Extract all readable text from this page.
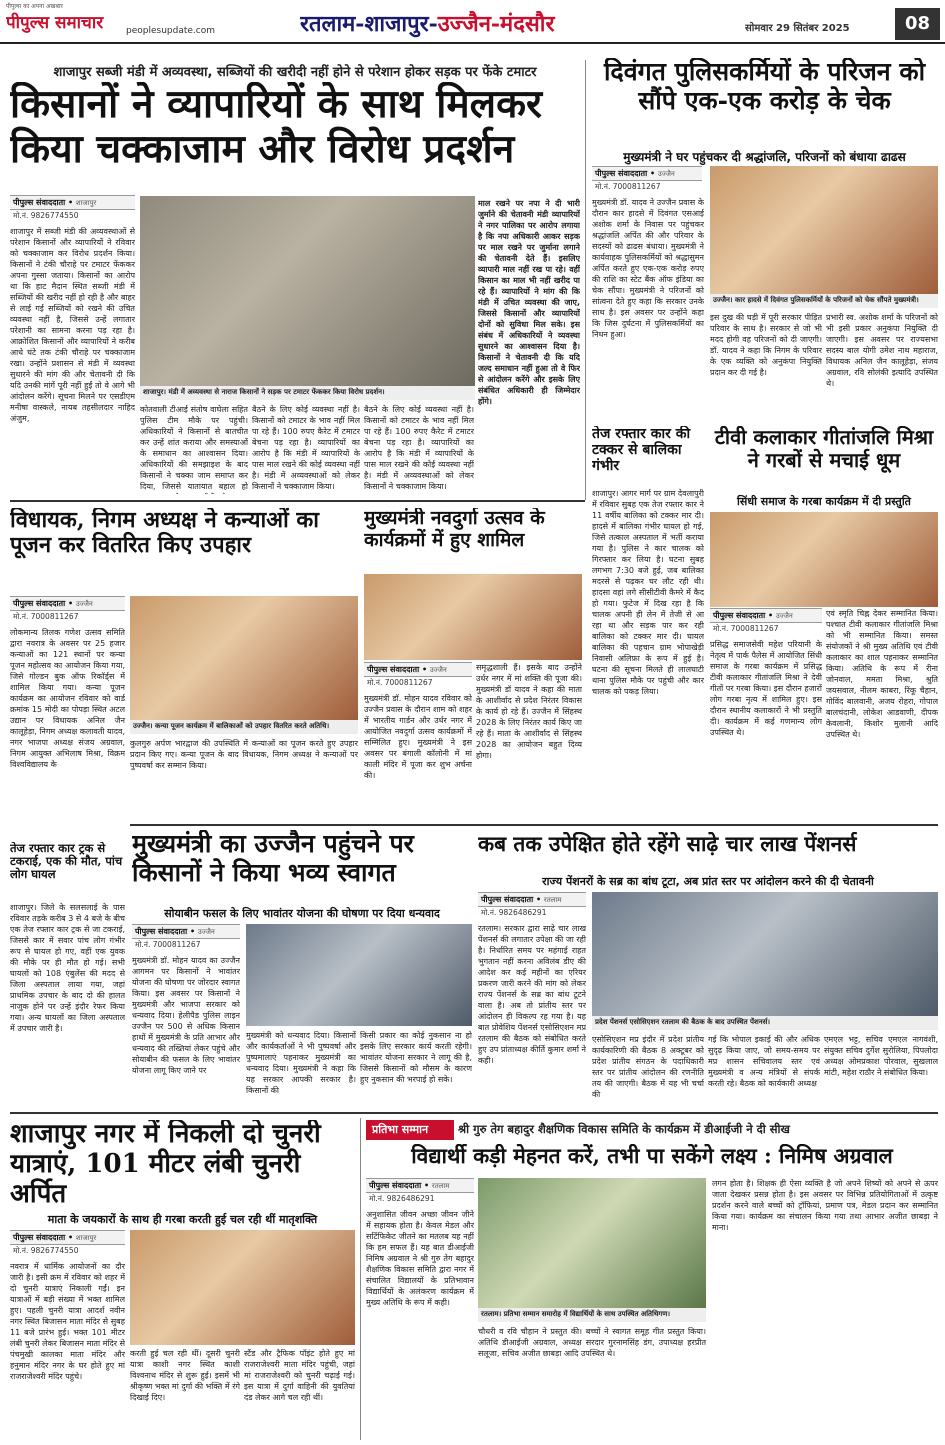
पीपुल्स का अपना अखबार
पीपुल्स समाचार	peoplesupdate.com	रतलाम-शाजापुर-उज्जैन-मंदसौर	सोमवार 29 सितंबर 2025	08
शाजापुर सब्जी मंडी में अव्यवस्था, सब्जियों की खरीदी नहीं होने से परेशान होकर सड़क पर फेंके टमाटर
किसानों ने व्यापारियों के साथ मिलकर किया चक्काजाम और विरोध प्रदर्शन
पीपुल्स संवाददाता • शाजापुर
मो.नं. 9826774550
शाजापुर में सब्जी मंडी की अव्यवस्थाओं से परेशान किसानों और व्यापारियों ने रविवार को चक्काजाम कर विरोध प्रदर्शन किया। किसानों ने टंकी चौराहे पर टमाटर फेंककर अपना गुस्सा जताया। किसानों का आरोप था कि हाट मैदान स्थित सब्जी मंडी में सब्जियों की खरीद नहीं हो रही है और बाहर से लाई गई सब्जियों को रखने की उचित व्यवस्था नहीं है, जिससे उन्हें लगातार परेशानी का सामना करना पड़ रहा है। आक्रोशित किसानों और व्यापारियों ने करीब आधे घंटे तक टंकी चौराहे पर चक्काजाम रखा। उन्होंने प्रशासन से मंडी में व्यवस्था सुधारने की मांग की और चेतावनी दी कि यदि उनकी मांगें पूरी नहीं हुईं तो वे आगे भी आंदोलन करेंगे। सूचना मिलने पर एसडीएम मनीषा वास्कले, नायब तहसीलदार नाहिद अंजुम,
शाजापुर। मंडी में अव्यवस्था से नाराज किसानों ने सड़क पर टमाटर फेंककर किया विरोध प्रदर्शन।
कोतवाली टीआई संतोष वाघेला सहित पुलिस टीम मौके पर पहुंची। अधिकारियों ने किसानों से बातचीत कर उन्हें शांत कराया और समस्याओं के समाधान का आश्वासन दिया। अधिकारियों की समझाइश के बाद किसानों ने चक्का जाम समाप्त कर दिया, जिससे यातायात बहाल हो
बैठने के लिए कोई व्यवस्था नहीं है। किसानों को टमाटर के भाव नहीं मिल पा रहे हैं। 100 रुपए कैरेट में टमाटर बेचना पड़ रहा है। व्यापारियों का आरोप है कि मंडी में व्यापारियों के पास माल रखने की कोई व्यवस्था नहीं है। मंडी में अव्यवस्थाओं को लेकर किसानों ने चक्काजाम किया।
बैठने के लिए कोई व्यवस्था नहीं है। किसानों को टमाटर के भाव नहीं मिल पा रहे हैं। 100 रुपए कैरेट में टमाटर बेचना पड़ रहा है। व्यापारियों का आरोप है कि मंडी में व्यापारियों के पास माल रखने की कोई व्यवस्था नहीं है। मंडी में अव्यवस्थाओं को लेकर किसानों ने चक्काजाम किया।
माल रखने पर नपा ने दी भारी जुर्माने की चेतावनी मंडी व्यापारियों ने नगर पालिका पर आरोप लगाया है कि नपा अधिकारी आकर सड़क पर माल रखने पर जुर्माना लगाने की चेतावनी देते हैं। इसलिए व्यापारी माल नहीं रख पा रहे। वहीं किसान का माल भी नहीं खरीद पा रहे हैं। व्यापारियों ने मांग की कि मंडी में उचित व्यवस्था की जाए, जिससे किसानों और व्यापारियों दोनों को सुविधा मिल सके। इस संबंध में अधिकारियों ने व्यवस्था सुधारने का आश्वासन दिया है। किसानों ने चेतावनी दी कि यदि जल्द समाधान नहीं हुआ तो वे फिर से आंदोलन करेंगे और इसके लिए संबंधित अधिकारी ही जिम्मेदार होंगे।
दिवंगत पुलिसकर्मियों के परिजन को सौंपे एक-एक करोड़ के चेक
मुख्यमंत्री ने घर पहुंचकर दी श्रद्धांजलि, परिजनों को बंधाया ढाढस
पीपुल्स संवाददाता • उज्जैन
मो.नं. 7000811267
मुख्यमंत्री डॉ. यादव ने उज्जैन प्रवास के दौरान कार हादसे में दिवंगत एसआई अशोक शर्मा के निवास पर पहुंचकर श्रद्धांजलि अर्पित की और परिवार के सदस्यों को ढाढस बंधाया। मुख्यमंत्री ने कार्यवाहक पुलिसकर्मियों को श्रद्धासुमन अर्पित करते हुए एक-एक करोड़ रुपए की राशि का स्टेट बैंक ऑफ इंडिया का चेक सौंपा। मुख्यमंत्री ने परिजनों को सांत्वना देते हुए कहा कि सरकार उनके साथ है। इस अवसर पर उन्होंने कहा कि जिस दुर्घटना में पुलिसकर्मियों का निधन हुआ।
उज्जैन। कार हादसे में दिवंगत पुलिसकर्मियों के परिजनों को चेक सौंपते मुख्यमंत्री।
इस दुख की घड़ी में पूरी सरकार पीड़ित परिवार के साथ है। सरकार से जो भी मदद होगी वह परिजनों को दी जाएगी। डॉ. यादव ने कहा कि निगम के परिवार के एक व्यक्ति को अनुकंपा नियुक्ति प्रदान कर दी गई है।
प्रभारी स्व. अशोक शर्मा के परिजनों को भी इसी प्रकार अनुकंपा नियुक्ति दी जाएगी। इस अवसर पर राज्यसभा सदस्य बाल योगी उमेश नाथ महाराज, विधायक अनिल जैन कालूहेड़ा, संजय अग्रवाल, रवि सोलंकी इत्यादि उपस्थित थे।
तेज रफ्तार कार की टक्कर से बालिका गंभीर
शाजापुर। आगर मार्ग पर ग्राम देवलापुरी में रविवार सुबह एक तेज रफ्तार कार ने 11 वर्षीय बालिका को टक्कर मार दी। हादसे में बालिका गंभीर घायल हो गई, जिसे तत्काल अस्पताल में भर्ती कराया गया है। पुलिस ने कार चालक को गिरफ्तार कर लिया है। घटना सुबह लगभग 7:30 बजे हुई, जब बालिका मदरसे से पढ़कर घर लौट रही थी। हादसा वहां लगे सीसीटीवी कैमरे में कैद हो गया। फुटेज में दिख रहा है कि चालक अपनी ही लेन में तेजी से आ रहा था और सड़क पार कर रही बालिका को टक्कर मार दी। घायल बालिका की पहचान ग्राम भोपाखेड़ी निवासी अलिफ़ा के रूप में हुई है। घटना की सूचना मिलते ही लालघाटी थाना पुलिस मौके पर पहुंची और कार चालक को पकड़ लिया।
टीवी कलाकार गीतांजलि मिश्रा ने गरबों से मचाई धूम
सिंधी समाज के गरबा कार्यक्रम में दी प्रस्तुति
पीपुल्स संवाददाता • उज्जैन
मो.नं. 7000811267
प्रसिद्ध समाजसेवी महेश परियानी के नेतृत्व में पार्क पैलेस में आयोजित सिंधी समाज के गरबा कार्यक्रम में प्रसिद्ध टीवी कलाकार गीतांजलि मिश्रा ने देवी गीतों पर गरबा किया। इस दौरान हजारों लोग गरबा नृत्य में शामिल हुए। इस दौरान स्थानीय कलाकारों ने भी प्रस्तुति दी। कार्यक्रम में कई गणमान्य लोग उपस्थित थे।
एवं स्मृति चिह्न देकर सम्मानित किया। पश्चात टीवी कलाकार गीतांजलि मिश्रा को भी सम्मानित किया। समस्त संयोजकों ने श्री मुख्य अतिथि एवं टीवी कलाकार का शाल पहनाकर सम्मानित किया। अतिथि के रूप में रीना जोनवाल, ममता मिश्रा, श्रुति जयसवाल, नीलम काबरा, रिंकू चैहान, गोविंद बालवानी, अजय रोहरा, गोपाल बालचंदानी, लोकेश आडवाणी, दीपक केवलानी, किशोर मुलानी आदि उपस्थित थे।
विधायक, निगम अध्यक्ष ने कन्याओं का पूजन कर वितरित किए उपहार
पीपुल्स संवाददाता • उज्जैन
मो.नं. 7000811267
लोकमान्य तिलक गणेश उत्सव समिति द्वारा नवरात्र के अवसर पर 25 हजार कन्याओं का 121 स्थानों पर कन्या पूजन महोत्सव का आयोजन किया गया, जिसे गोल्डन बुक ऑफ रिकॉर्ड्स में शामिल किया गया। कन्या पूजन कार्यक्रम का आयोजन रविवार को वार्ड क्रमांक 15 मोदी का पोपड़ा स्थित अटल उद्यान पर विधायक अनिल जैन कालूहेड़ा, निगम अध्यक्ष कलावती यादव, नगर भाजपा अध्यक्ष संजय अग्रवाल, निगम आयुक्त अभिलाष मिश्रा, विक्रम विश्वविद्यालय के
उज्जैन। कन्या पूजन कार्यक्रम में बालिकाओं को उपहार वितरित करते अतिथि।
कुलगुरु अर्पण भारद्वाज की उपस्थिति में कन्याओं का पूजन करते हुए उपहार प्रदान किए गए। कन्या पूजन के बाद विधायक, निगम अध्यक्ष ने कन्याओं पर पुष्पवर्षा कर सम्मान किया।
मुख्यमंत्री नवदुर्गा उत्सव के कार्यक्रमों में हुए शामिल
पीपुल्स संवाददाता • उज्जैन
मो.नं. 7000811267
मुख्यमंत्री डॉ. मोहन यादव रविवार को उज्जैन प्रवास के दौरान शाम को शहर में भारतीय गार्डन और उर्धर नगर में आयोजित नवदुर्गा उत्सव कार्यक्रमों में सम्मिलित हुए। मुख्यमंत्री ने इस अवसर पर बंगाली कॉलोनी में मां काली मंदिर में पूजा कर शुभ अर्चना की।
समृद्धशाली हैं। इसके बाद उन्होंने उर्धर नगर में मां शक्ति की पूजा की। मुख्यमंत्री डॉ यादव ने कहा की माता के आशीर्वाद से प्रदेश निरंतर विकास के कार्य हो रहे हैं। उज्जैन में सिंहस्थ 2028 के लिए निरंतर कार्य किए जा रहे हैं। माता के आशीर्वाद से सिंहस्थ 2028 का आयोजन बहुत दिव्य होगा।
तेज रफ्तार कार ट्रक से टकराई, एक की मौत, पांच लोग घायल
शाजापुर। जिले के सलसलाई के पास रविवार तड़के करीब 3 से 4 बजे के बीच एक तेज रफ्तार कार ट्रक से जा टकराई, जिससे कार में सवार पांच लोग गंभीर रूप से घायल हो गए, वहीं एक युवक की मौके पर ही मौत हो गई। सभी घायलों को 108 एंबुलेंस की मदद से जिला अस्पताल लाया गया, जहां प्राथमिक उपचार के बाद दो की हालत नाजुक होने पर उन्हें इंदौर रेफर किया गया। अन्य घायलों का जिला अस्पताल में उपचार जारी है।
मुख्यमंत्री का उज्जैन पहुंचने पर किसानों ने किया भव्य स्वागत
सोयाबीन फसल के लिए भावांतर योजना की घोषणा पर दिया धन्यवाद
पीपुल्स संवाददाता • उज्जैन
मो.नं. 7000811267
मुख्यमंत्री डॉ. मोहन यादव का उज्जैन आगमन पर किसानों ने भावांतर योजना की घोषणा पर जोरदार स्वागत किया। इस अवसर पर किसानों ने मुख्यमंत्री और भाजपा सरकार को धन्यवाद दिया। हेलीपैड पुलिस लाइन उज्जैन पर 500 से अधिक किसान हाथों में मुख्यमंत्री के प्रति आभार और धन्यवाद की तख्तियां लेकर पहुंचे और सोयाबीन की फसल के लिए भावांतर योजना लागू किए जाने पर
मुख्यमंत्री को धन्यवाद दिया। किसानों और कार्यकर्ताओं ने भी पुष्पवर्षा और पुष्पमालाएं पहनाकर मुख्यमंत्री का धन्यवाद दिया। मुख्यमंत्री ने कहा कि यह सरकार आपकी सरकार है। किसानों की
किसी प्रकार का कोई नुकसान ना हो इसके लिए सरकार कार्य करती रहेगी। भावांतर योजना सरकार ने लागू की है, जिससे किसानों को मौसम के कारण हुए नुकसान की भरपाई हो सके।
कब तक उपेक्षित होते रहेंगे साढ़े चार लाख पेंशनर्स
राज्य पेंशनरों के सब्र का बांध टूटा, अब प्रांत स्तर पर आंदोलन करने की दी चेतावनी
पीपुल्स संवाददाता • रतलाम
मो.नं. 9826486291
रतलाम। सरकार द्वारा साढ़े चार लाख पेंशनर्स की लगातार उपेक्षा की जा रही है। निर्धारित समय पर महंगाई राहत भुगतान नहीं करना अविलंब डीए की आदेश कर कई महीनों का एरियर प्रकरण जारी करने की मांग को लेकर राज्य पेंशनर्स के सब्र का बांध टूटने वाला है। अब तो प्रांतीय स्तर पर आंदोलन ही विकल्प रह गया है। यह बात प्रोवेशिय पेंशनर्स एसोसिएशन मप्र रतलाम की बैठक को संबोधित करते हुए उप प्रांताध्यक्ष कीर्ति कुमार शर्मा ने कही।
प्रदेश पेंशनर्स एसोसिएशन रतलाम की बैठक के बाद उपस्थित पेंशनर्स।
एसोसिएशन मप्र इंदौर में प्रदेश प्रांतीय कार्यकारिणी की बैठक 8 अक्टूबर को प्रदेश प्रांतीय संगठन के पदाधिकारी स्तर पर प्रांतीय आंदोलन की रणनीति तय की जाएगी। बैठक में यह भी चर्चा की
गई कि भोपाल इकाई की और अधिक सुदृढ़ किया जाए, जो समय-समय पर मप्र शासन सचिवालय स्तर एवं मुख्यमंत्री व अन्य मंत्रियों से संपर्क करती रहे। बैठक को कार्यकारी अध्यक्ष
एमएल भट्ट, सचिव एमएल नागवंशी, संयुक्त सचिव दुर्गेश सुरोलिया, पिपलोदा अध्यक्ष ओमप्रकाश पोरवाल, सुखलाल मांटी, महेश राठौर ने संबोधित किया।
शाजापुर नगर में निकली दो चुनरी यात्राएं, 101 मीटर लंबी चुनरी अर्पित
माता के जयकारों के साथ ही गरबा करती हुई चल रही थीं मातृशक्ति
पीपुल्स संवाददाता • शाजापुर
मो.नं. 9826774550
नवरात्र में धार्मिक आयोजनों का दौर जारी है। इसी क्रम में रविवार को शहर में दो चुनरी यात्राएं निकाली गईं। इन यात्राओं में बड़ी संख्या में भक्त शामिल हुए। पहली चुनरी यात्रा आदर्श नवीन नगर स्थित बिजासन माता मंदिर से सुबह 11 बजे प्रारंभ हुई। भक्त 101 मीटर लंबी चुनरी लेकर बिजासन माता मंदिर से पंचमुखी कालका माता मंदिर और हनुमान मंदिर नगर के घर होते हुए मां राजराजेश्वरी मंदिर पहुंचे।
करती हुई चल रही थीं। दूसरी चुनरी यात्रा काशी नगर स्थित काशी विश्वनाथ मंदिर से शुरू हुई। इसमें भी श्रीकृष्ण भक्त मां दुर्गा की भक्ति में रंगे दिखाई दिए।
स्टैंड और ट्रैफिक पॉइंट होते हुए मां राजराजेश्वरी माता मंदिर पहुंची, जहां मां राजराजेश्वरी को चुनरी चढ़ाई गई। इस यात्रा में दुर्गा वाहिनी की युवतियां दंड लेकर आगे चल रही थीं।
प्रतिभा सम्मान	श्री गुरु तेग बहादुर शैक्षणिक विकास समिति के कार्यक्रम में डीआईजी ने दी सीख
विद्यार्थी कड़ी मेहनत करें, तभी पा सकेंगे लक्ष्य : निमिष अग्रवाल
पीपुल्स संवाददाता • रतलाम
मो.नं. 9826486291
अनुशासित जीवन अच्छा जीवन जीने में सहायक होता है। केवल मेडल और सर्टिफिकेट जीतने का मतलब यह नहीं कि हम सफल हैं। यह बात डीआईजी निमिष अग्रवाल ने श्री गुरु तेग बहादुर शैक्षणिक विकास समिति द्वारा नगर में संचालित विद्यालयों के प्रतिभावान विद्यार्थियों के अलंकरण कार्यक्रम में मुख्य अतिथि के रूप में कही।
रतलाम। प्रतिभा सम्मान समारोह में विद्यार्थियों के साथ उपस्थित अतिथिगण।
चौधरी व रवि चौहान ने प्रस्तुत की। बच्चों ने स्वागत समूह गीत प्रस्तुत किया। अतिथि डीआईजी अग्रवाल, अध्यक्ष सरदार गुरनामसिंह डंग, उपाध्यक्ष हरप्रीत सलूजा, सचिव अजीत छाबड़ा आदि उपस्थित थे।
लगन होता है। शिक्षक ही ऐसा व्यक्ति है जो अपने शिष्यों को अपने से ऊपर जाता देखकर प्रसन्न होता है। इस अवसर पर विभिन्न प्रतियोगिताओं में उत्कृष्ट प्रदर्शन करने वाले बच्चों को ट्रॉफियां, प्रमाण पत्र, मेडल प्रदान कर सम्मानित किया गया। कार्यक्रम का संचालन किया गया तथा आभार अजीत छाबड़ा ने माना।
